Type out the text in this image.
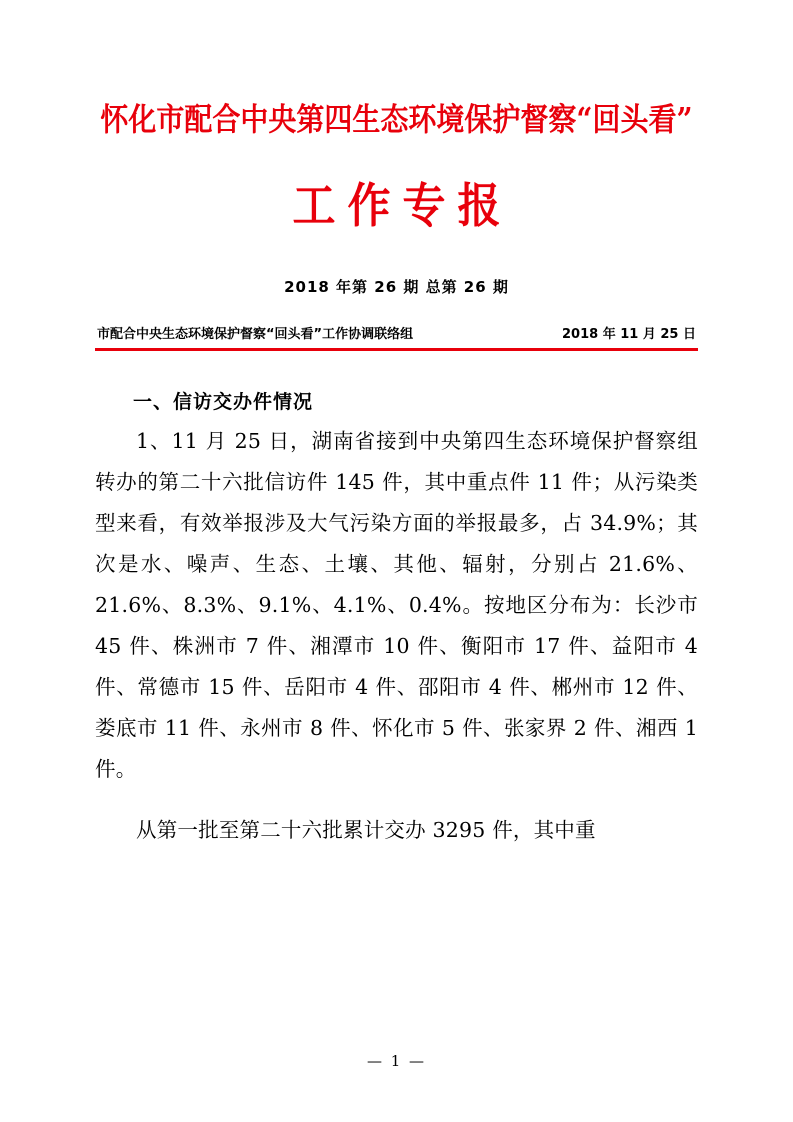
怀化市配合中央第四生态环境保护督察“回头看”
工作专报
2018 年第 26 期 总第 26 期
市配合中央生态环境保护督察“回头看”工作协调联络组	2018 年 11 月 25 日
一、信访交办件情况

1、11 月 25 日，湖南省接到中央第四生态环境保护督察组转办的第二十六批信访件 145 件，其中重点件 11 件；从污染类型来看，有效举报涉及大气污染方面的举报最多，占 34.9%；其次是水、噪声、生态、土壤、其他、辐射，分别占 21.6%、21.6%、8.3%、9.1%、4.1%、0.4%。按地区分布为：长沙市 45 件、株洲市 7 件、湘潭市 10 件、衡阳市 17 件、益阳市 4 件、常德市 15 件、岳阳市 4 件、邵阳市 4 件、郴州市 12 件、娄底市 11 件、永州市 8 件、怀化市 5 件、张家界 2 件、湘西 1 件。

从第一批至第二十六批累计交办 3295 件，其中重

— 1 —
